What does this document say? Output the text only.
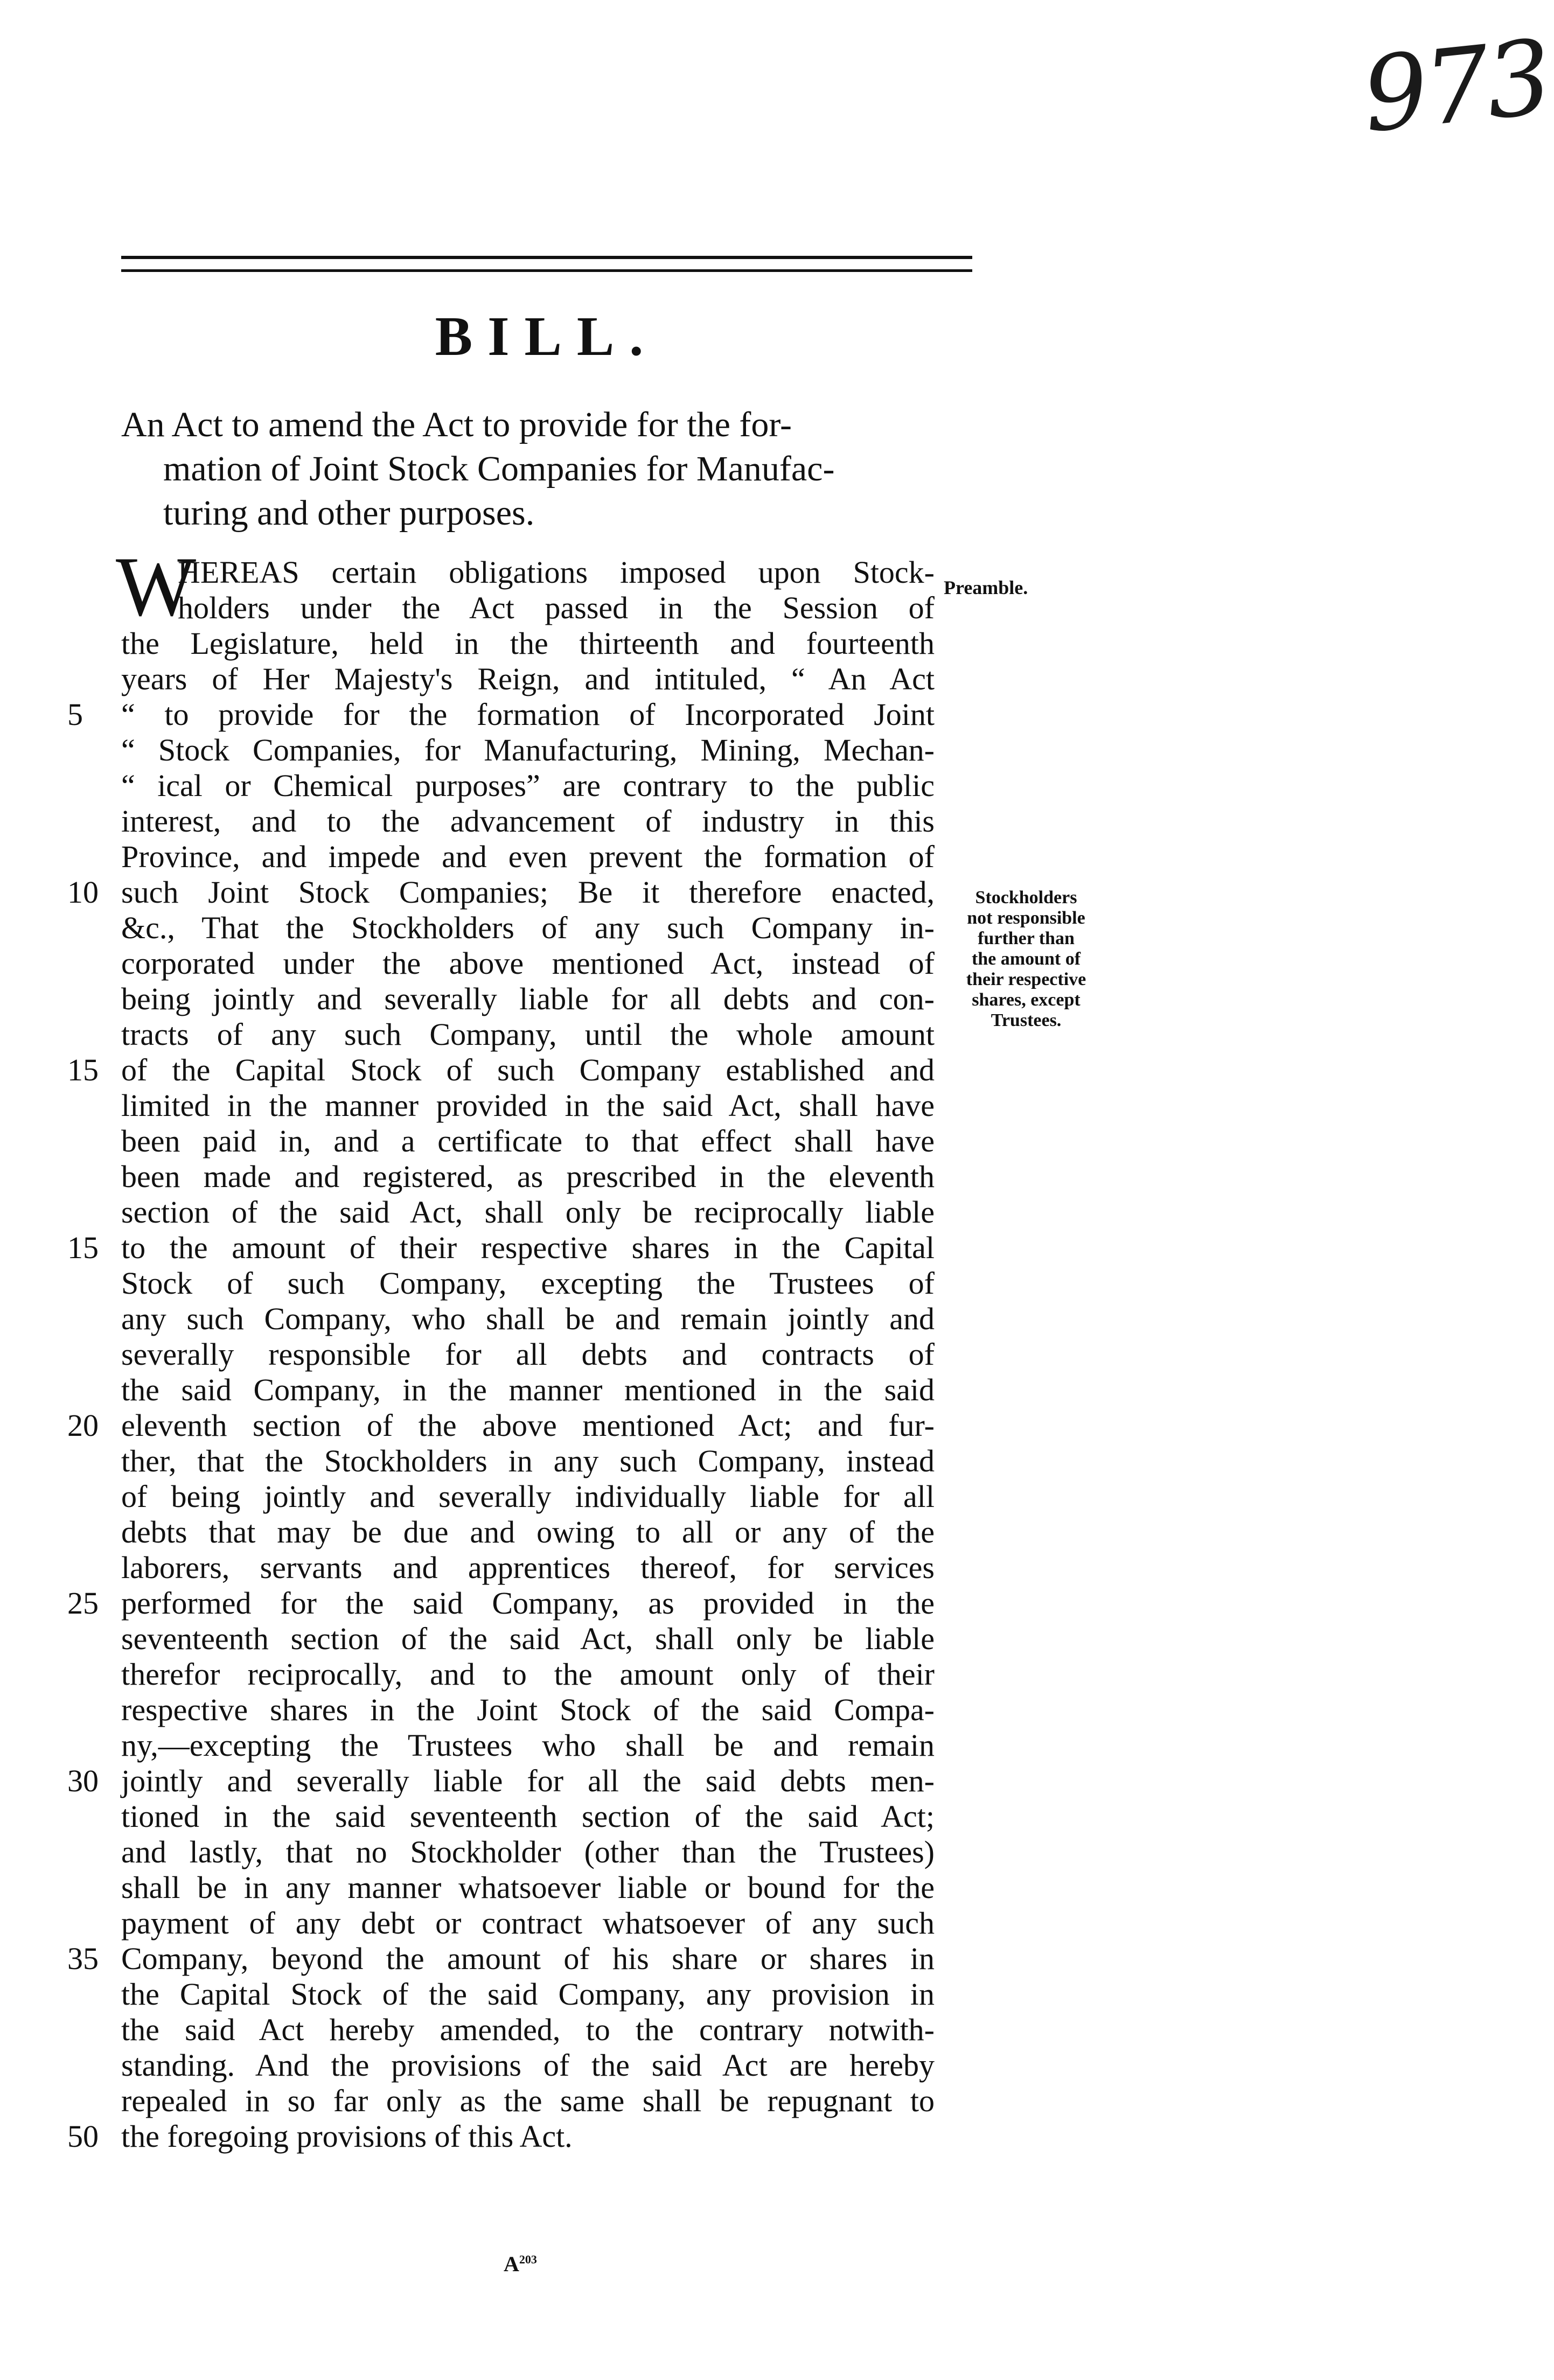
973
BILL.
An Act to amend the Act to provide for the for-
mation of Joint Stock Companies for Manufac-
turing and other purposes.
W	Preamble.
Stockholders
not responsible
further than
the amount of
their respective
shares, except
Trustees.
HEREAS certain obligations imposed upon Stock-
holders under the Act passed in the Session of
the Legislature, held in the thirteenth and fourteenth
years of Her Majesty's Reign, and intituled, “ An Act
5	“ to provide for the formation of Incorporated Joint
“ Stock Companies, for Manufacturing, Mining, Mechan-
“ ical or Chemical purposes” are contrary to the public
interest, and to the advancement of industry in this
Province, and impede and even prevent the formation of
10 such Joint Stock Companies; Be it therefore enacted,
&c., That the Stockholders of any such Company in-
corporated under the above mentioned Act, instead of
being jointly and severally liable for all debts and con-
tracts of any such Company, until the whole amount
15 of the Capital Stock of such Company established and
limited in the manner provided in the said Act, shall have
been paid in, and a certificate to that effect shall have
been made and registered, as prescribed in the eleventh
section of the said Act, shall only be reciprocally liable
15 to the amount of their respective shares in the Capital
Stock of such Company, excepting the Trustees of
any such Company, who shall be and remain jointly and
severally responsible for all debts and contracts of
the said Company, in the manner mentioned in the said
20 eleventh section of the above mentioned Act; and fur-
ther, that the Stockholders in any such Company, instead
of being jointly and severally individually liable for all
debts that may be due and owing to all or any of the
laborers, servants and apprentices thereof, for services
25 performed for the said Company, as provided in the
seventeenth section of the said Act, shall only be liable
therefor reciprocally, and to the amount only of their
respective shares in the Joint Stock of the said Compa-
ny,—excepting the Trustees who shall be and remain
30 jointly and severally liable for all the said debts men-
tioned in the said seventeenth section of the said Act;
and lastly, that no Stockholder (other than the Trustees)
shall be in any manner whatsoever liable or bound for the
payment of any debt or contract whatsoever of any such
35 Company, beyond the amount of his share or shares in
the Capital Stock of the said Company, any provision in
the said Act hereby amended, to the contrary notwith-
standing. And the provisions of the said Act are hereby
repealed in so far only as the same shall be repugnant to
50 the foregoing provisions of this Act.
$A^{203}$
